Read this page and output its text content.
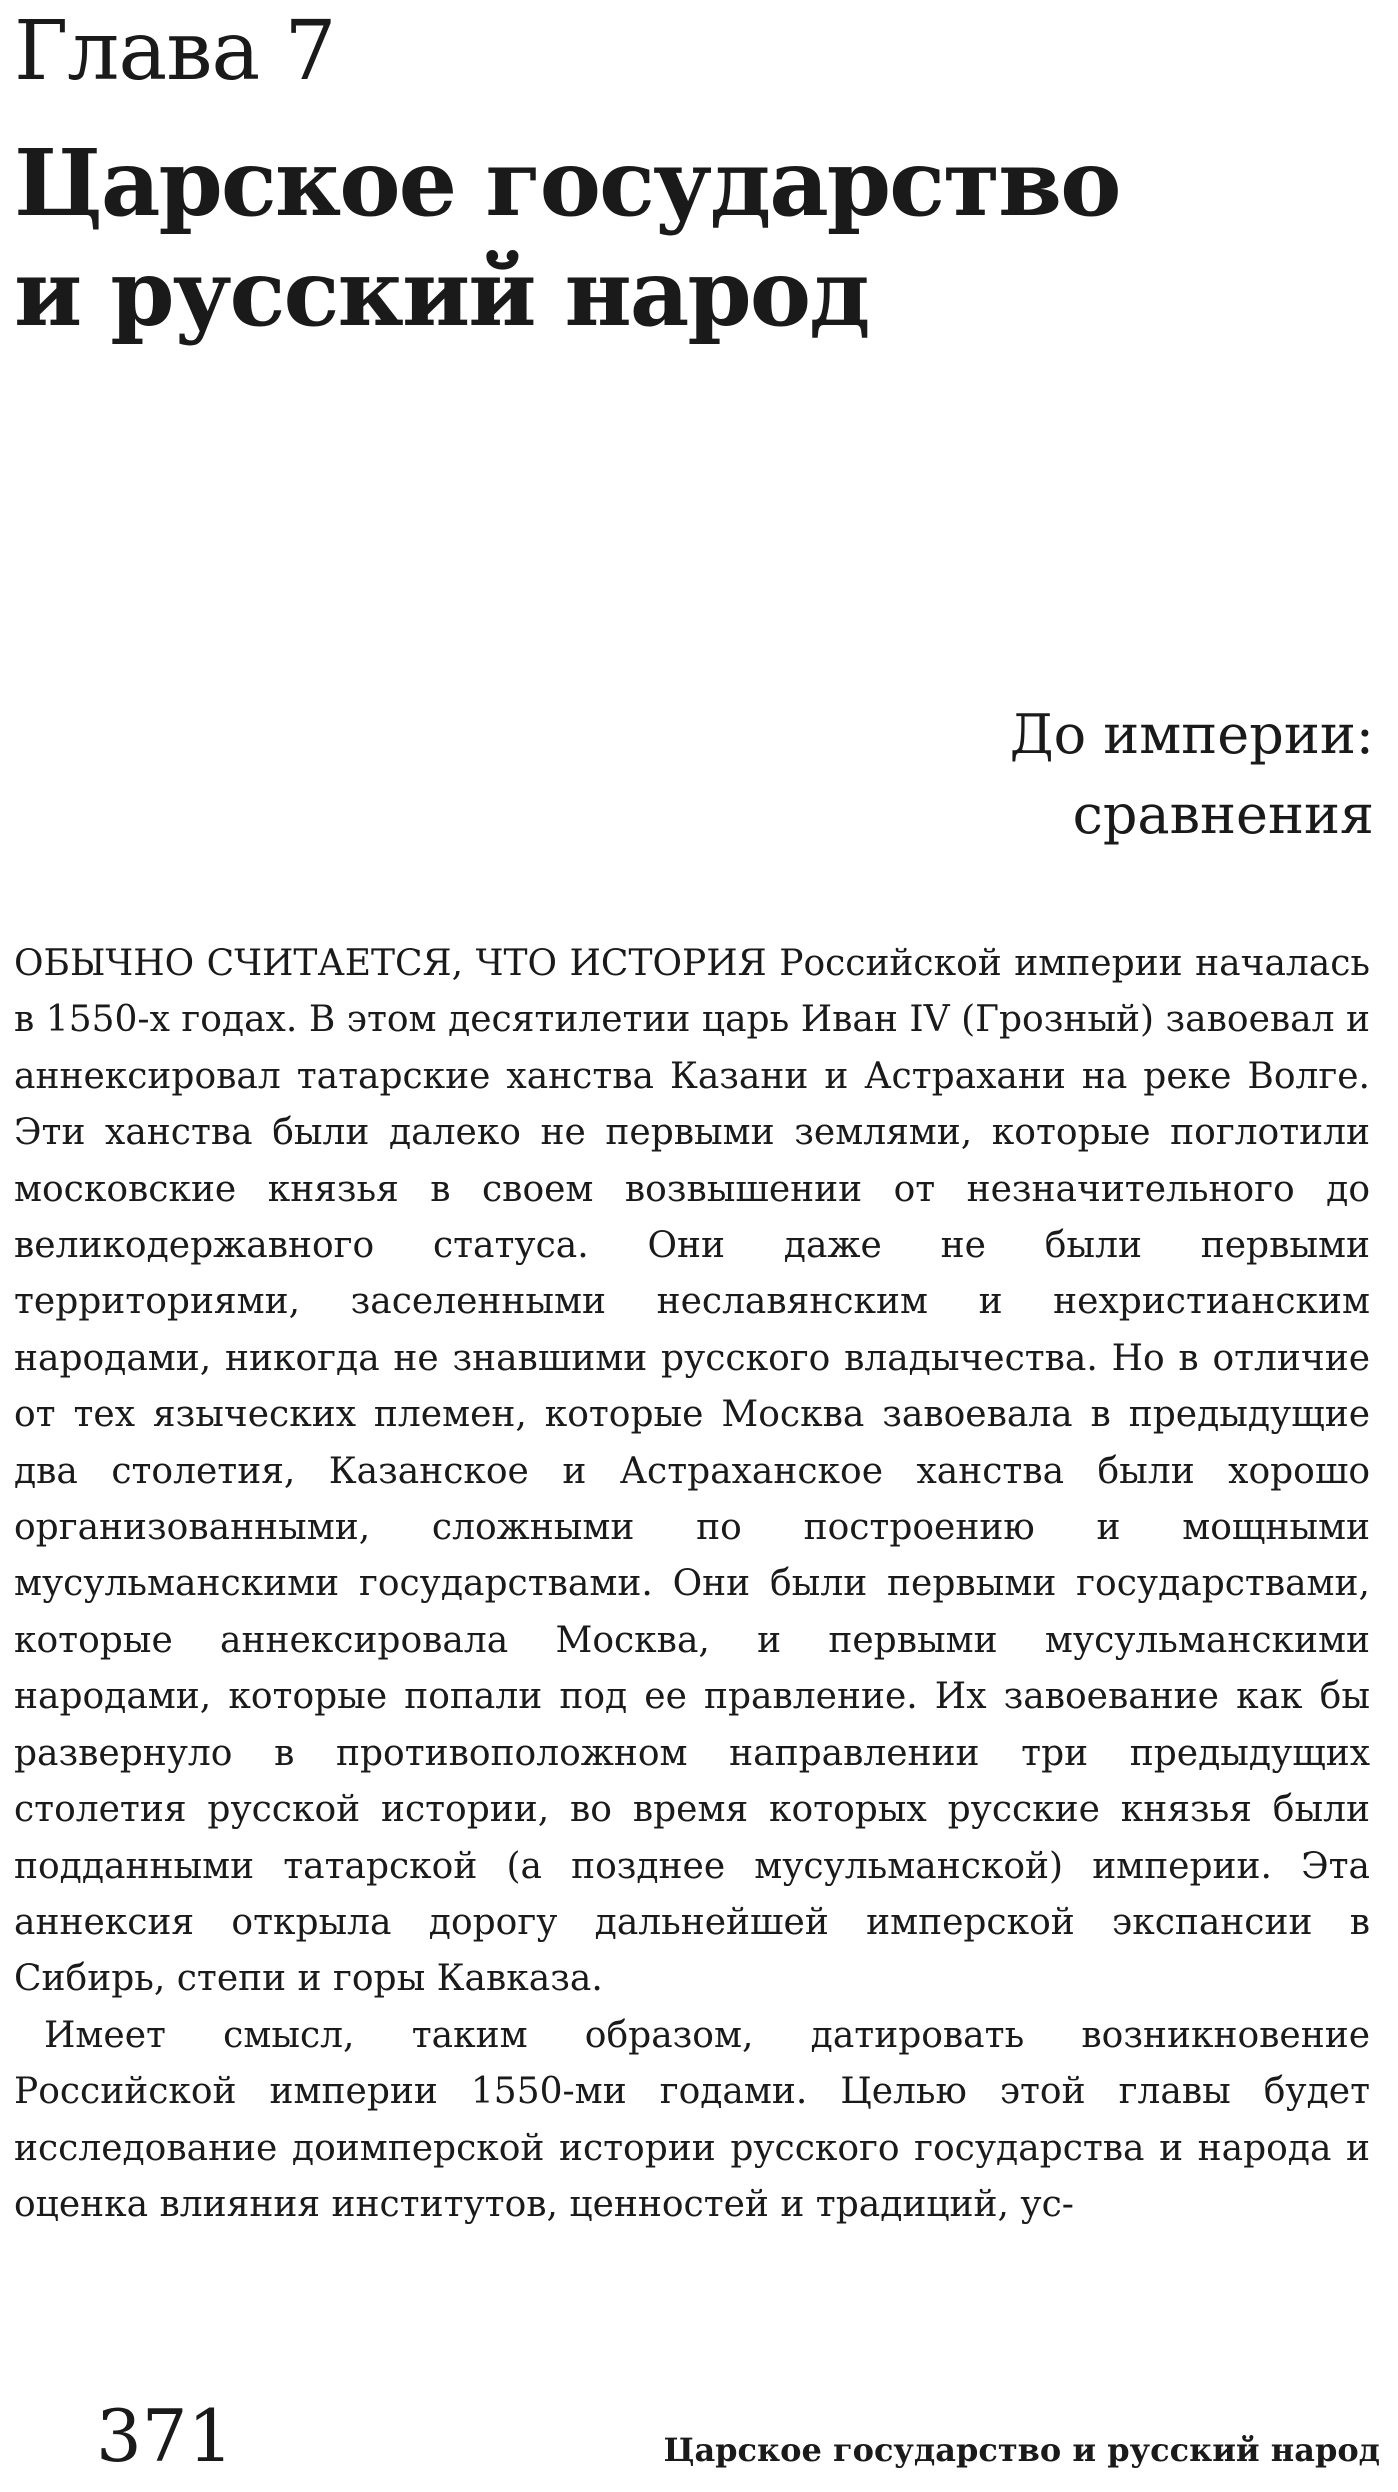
Глава 7
Царское государство
и русский народ
До империи:
сравнения

ОБЫЧНО СЧИТАЕТСЯ, ЧТО ИСТОРИЯ Российской империи началась в 1550-х годах. В этом десятилетии царь Иван IV (Грозный) завоевал и аннексировал татарские ханства Казани и Астрахани на реке Волге. Эти ханства были далеко не первыми землями, которые поглотили московские князья в своем возвышении от незначительного до великодержавного статуса. Они даже не были первыми территориями, заселенными неславянским и нехристианским народами, никогда не знавшими русского владычества. Но в отличие от тех языческих племен, которые Москва завоевала в предыдущие два столетия, Казанское и Астраханское ханства были хорошо организованными, сложными по построению и мощными мусульманскими государствами. Они были первыми государствами, которые аннексировала Москва, и первыми мусульманскими народами, которые попали под ее правление. Их завоевание как бы развернуло в противоположном направлении три предыдущих столетия русской истории, во время которых русские князья были подданными татарской (а позднее мусульманской) империи. Эта аннексия открыла дорогу дальнейшей имперской экспансии в Сибирь, степи и горы Кавказа.

Имеет смысл, таким образом, датировать возникновение Российской империи 1550-ми годами. Целью этой главы будет исследование доимперской истории русского государства и народа и оценка влияния институтов, ценностей и традиций, ус-

371	Царское государство и русский народ
